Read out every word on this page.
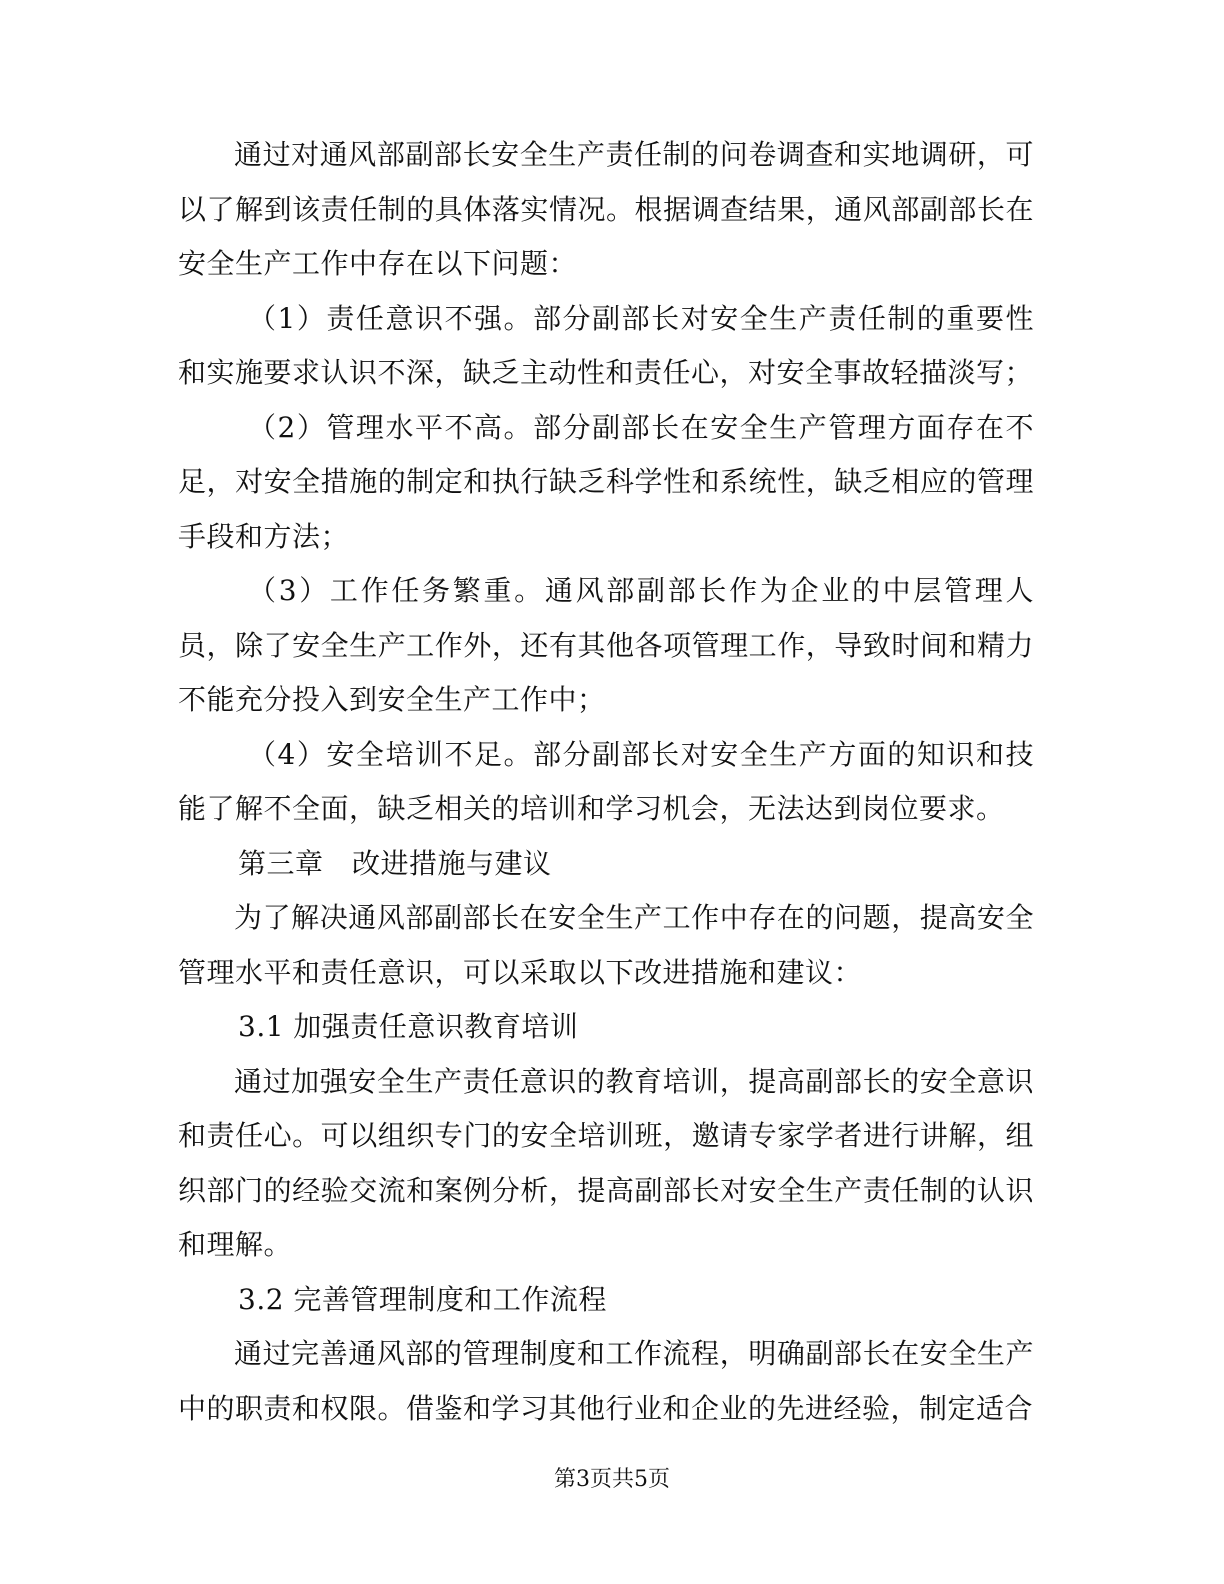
通过对通风部副部长安全生产责任制的问卷调查和实地调研，可以了解到该责任制的具体落实情况。根据调查结果，通风部副部长在安全生产工作中存在以下问题：

（1）责任意识不强。部分副部长对安全生产责任制的重要性和实施要求认识不深，缺乏主动性和责任心，对安全事故轻描淡写；

（2）管理水平不高。部分副部长在安全生产管理方面存在不足，对安全措施的制定和执行缺乏科学性和系统性，缺乏相应的管理手段和方法；

（3）工作任务繁重。通风部副部长作为企业的中层管理人员，除了安全生产工作外，还有其他各项管理工作，导致时间和精力不能充分投入到安全生产工作中；

（4）安全培训不足。部分副部长对安全生产方面的知识和技能了解不全面，缺乏相关的培训和学习机会，无法达到岗位要求。

第三章　改进措施与建议

为了解决通风部副部长在安全生产工作中存在的问题，提高安全管理水平和责任意识，可以采取以下改进措施和建议：

3.1 加强责任意识教育培训

通过加强安全生产责任意识的教育培训，提高副部长的安全意识和责任心。可以组织专门的安全培训班，邀请专家学者进行讲解，组织部门的经验交流和案例分析，提高副部长对安全生产责任制的认识和理解。

3.2 完善管理制度和工作流程

通过完善通风部的管理制度和工作流程，明确副部长在安全生产中的职责和权限。借鉴和学习其他行业和企业的先进经验，制定适合

第3页共5页
